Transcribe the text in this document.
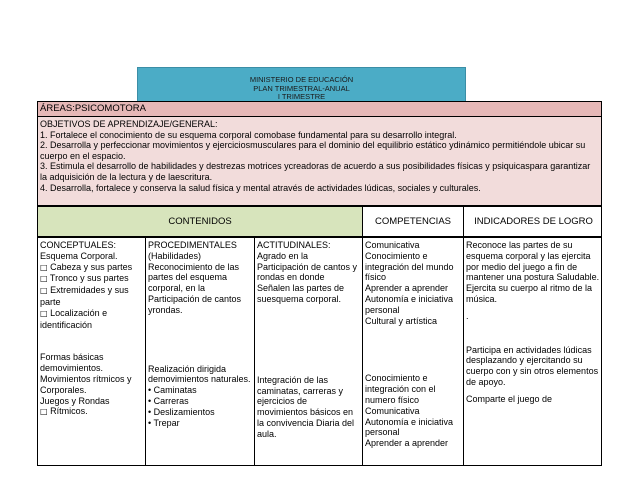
MINISTERIO DE EDUCACIÓN
PLAN TRIMESTRAL-ANUAL
I TRIMESTRE
ÁREAS:PSICOMOTORA

OBJETIVOS DE APRENDIZAJE/GENERAL:

1. Fortalece el conocimiento de su esquema corporal comobase fundamental para su desarrollo integral.

2. Desarrolla y perfeccionar movimientos y ejerciciosmusculares para el dominio del equilibrio estático ydinámico permitiéndole ubicar su cuerpo en el espacio.

3. Estimula el desarrollo de habilidades y destrezas motrices ycreadoras de acuerdo a sus posibilidades físicas y psiquicaspara garantizar la adquisición de la lectura y de laescritura.

4. Desarrolla, fortalece y conserva la salud física y mental através de actividades lúdicas, sociales y culturales.

CONTENIDOS	COMPETENCIAS	INDICADORES DE LOGRO

CONCEPTUALES:

Esquema Corporal.

□ Cabeza y sus partes

□ Tronco y sus partes

□ Extremidades y sus parte

□ Localización e identificación

Formas básicas demovimientos.

Movimientos rítmicos y

Corporales.

Juegos y Rondas

□ Rítmicos.

PROCEDIMENTALES

(Habilidades)

Reconocimiento de las partes del esquema corporal, en la Participación de cantos yrondas.

Realización dirigida demovimientos naturales.

• Caminatas

• Carreras

• Deslizamientos

• Trepar

ACTITUDINALES:

Agrado en la Participación de cantos y rondas en donde Señalen las partes de suesquema corporal.

Integración de las caminatas, carreras y ejercicios de movimientos básicos en la convivencia Diaria del aula.

Comunicativa

Conocimiento e integración del mundo físico

Aprender a aprender

Autonomía e iniciativa personal

Cultural y artística

Conocimiento e integración con el numero físico

Comunicativa

Autonomía e iniciativa personal

Aprender a aprender

Reconoce las partes de su esquema corporal y las ejercita por medio del juego a fin de mantener una postura Saludable.

Ejercita su cuerpo al ritmo de la música.

.

Participa en actividades lúdicas desplazando y ejercitando su cuerpo con y sin otros elementos de apoyo.

Comparte el juego de
